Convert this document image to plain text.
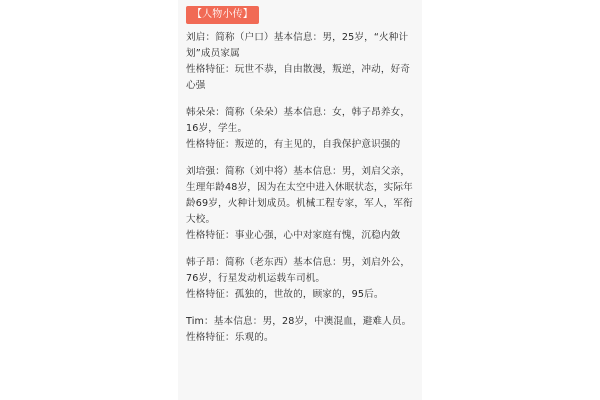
【人物小传】
刘启：简称（户口）基本信息：男，25岁，“火种计划”成员家属
性格特征：玩世不恭，自由散漫，叛逆，冲动，好奇心强
韩朵朵：简称（朵朵）基本信息：女，韩子昂养女，16岁，学生。
性格特征：叛逆的，有主见的，自我保护意识强的
刘培强：简称（刘中将）基本信息：男，刘启父亲，生理年龄48岁，因为在太空中进入休眠状态，实际年龄69岁，火种计划成员。机械工程专家，军人，军衔大校。
性格特征：事业心强，心中对家庭有愧，沉稳内敛
韩子昂：简称（老东西）基本信息：男，刘启外公，76岁，行星发动机运载车司机。
性格特征：孤独的，世故的，顾家的，95后。
Tim：基本信息：男，28岁，中澳混血，避难人员。
性格特征：乐观的。
